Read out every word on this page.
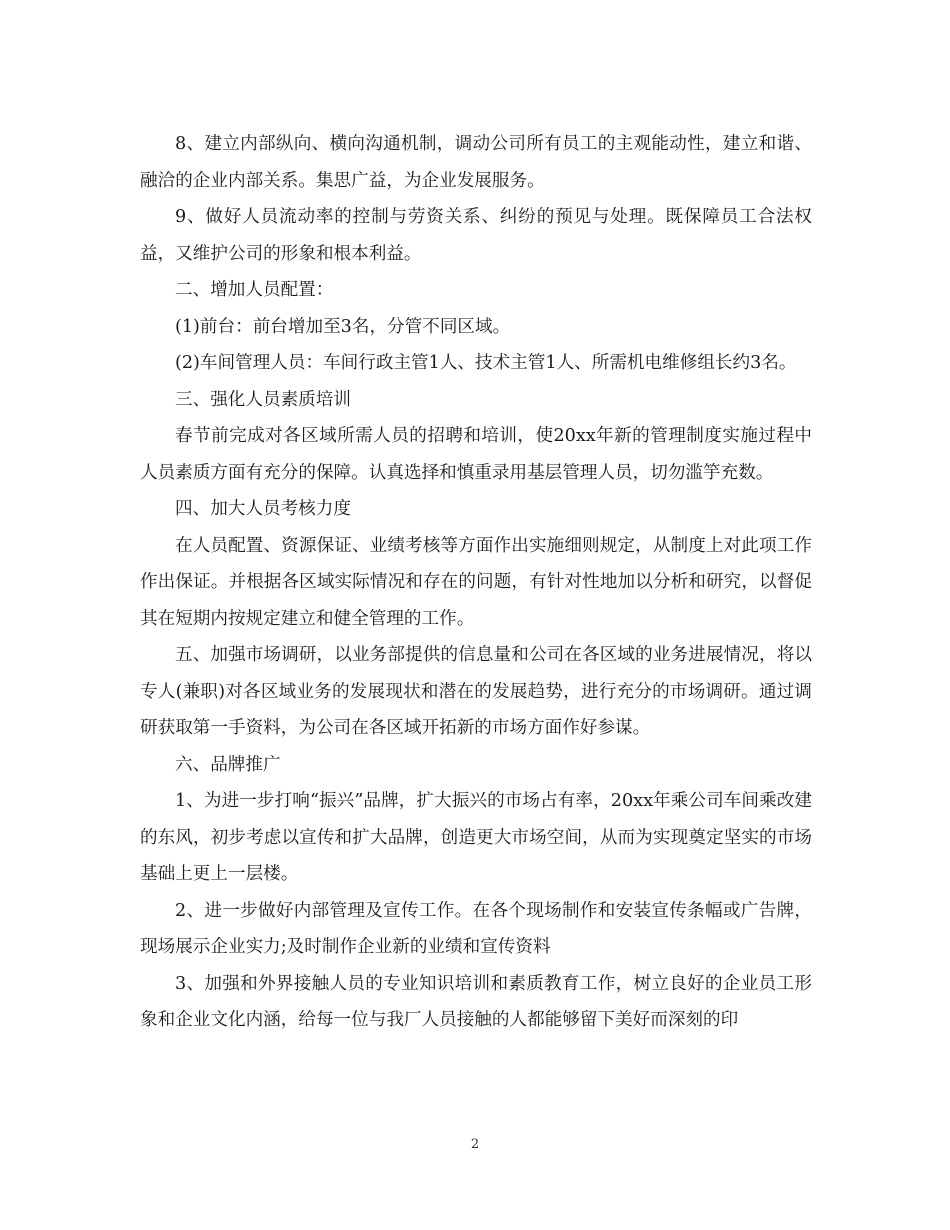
8、建立内部纵向、横向沟通机制，调动公司所有员工的主观能动性，建立和谐、融洽的企业内部关系。集思广益，为企业发展服务。

9、做好人员流动率的控制与劳资关系、纠纷的预见与处理。既保障员工合法权益，又维护公司的形象和根本利益。

二、增加人员配置：

(1)前台：前台增加至3名，分管不同区域。

(2)车间管理人员：车间行政主管1人、技术主管1人、所需机电维修组长约3名。

三、强化人员素质培训

春节前完成对各区域所需人员的招聘和培训，使20xx年新的管理制度实施过程中人员素质方面有充分的保障。认真选择和慎重录用基层管理人员，切勿滥竽充数。

四、加大人员考核力度

在人员配置、资源保证、业绩考核等方面作出实施细则规定，从制度上对此项工作作出保证。并根据各区域实际情况和存在的问题，有针对性地加以分析和研究，以督促其在短期内按规定建立和健全管理的工作。

五、加强市场调研，以业务部提供的信息量和公司在各区域的业务进展情况，将以专人(兼职)对各区域业务的发展现状和潜在的发展趋势，进行充分的市场调研。通过调研获取第一手资料，为公司在各区域开拓新的市场方面作好参谋。

六、品牌推广

1、为进一步打响“振兴”品牌，扩大振兴的市场占有率，20xx年乘公司车间乘改建的东风，初步考虑以宣传和扩大品牌，创造更大市场空间，从而为实现奠定坚实的市场基础上更上一层楼。

2、进一步做好内部管理及宣传工作。在各个现场制作和安装宣传条幅或广告牌，现场展示企业实力;及时制作企业新的业绩和宣传资料

3、加强和外界接触人员的专业知识培训和素质教育工作，树立良好的企业员工形象和企业文化内涵，给每一位与我厂人员接触的人都能够留下美好而深刻的印

2
